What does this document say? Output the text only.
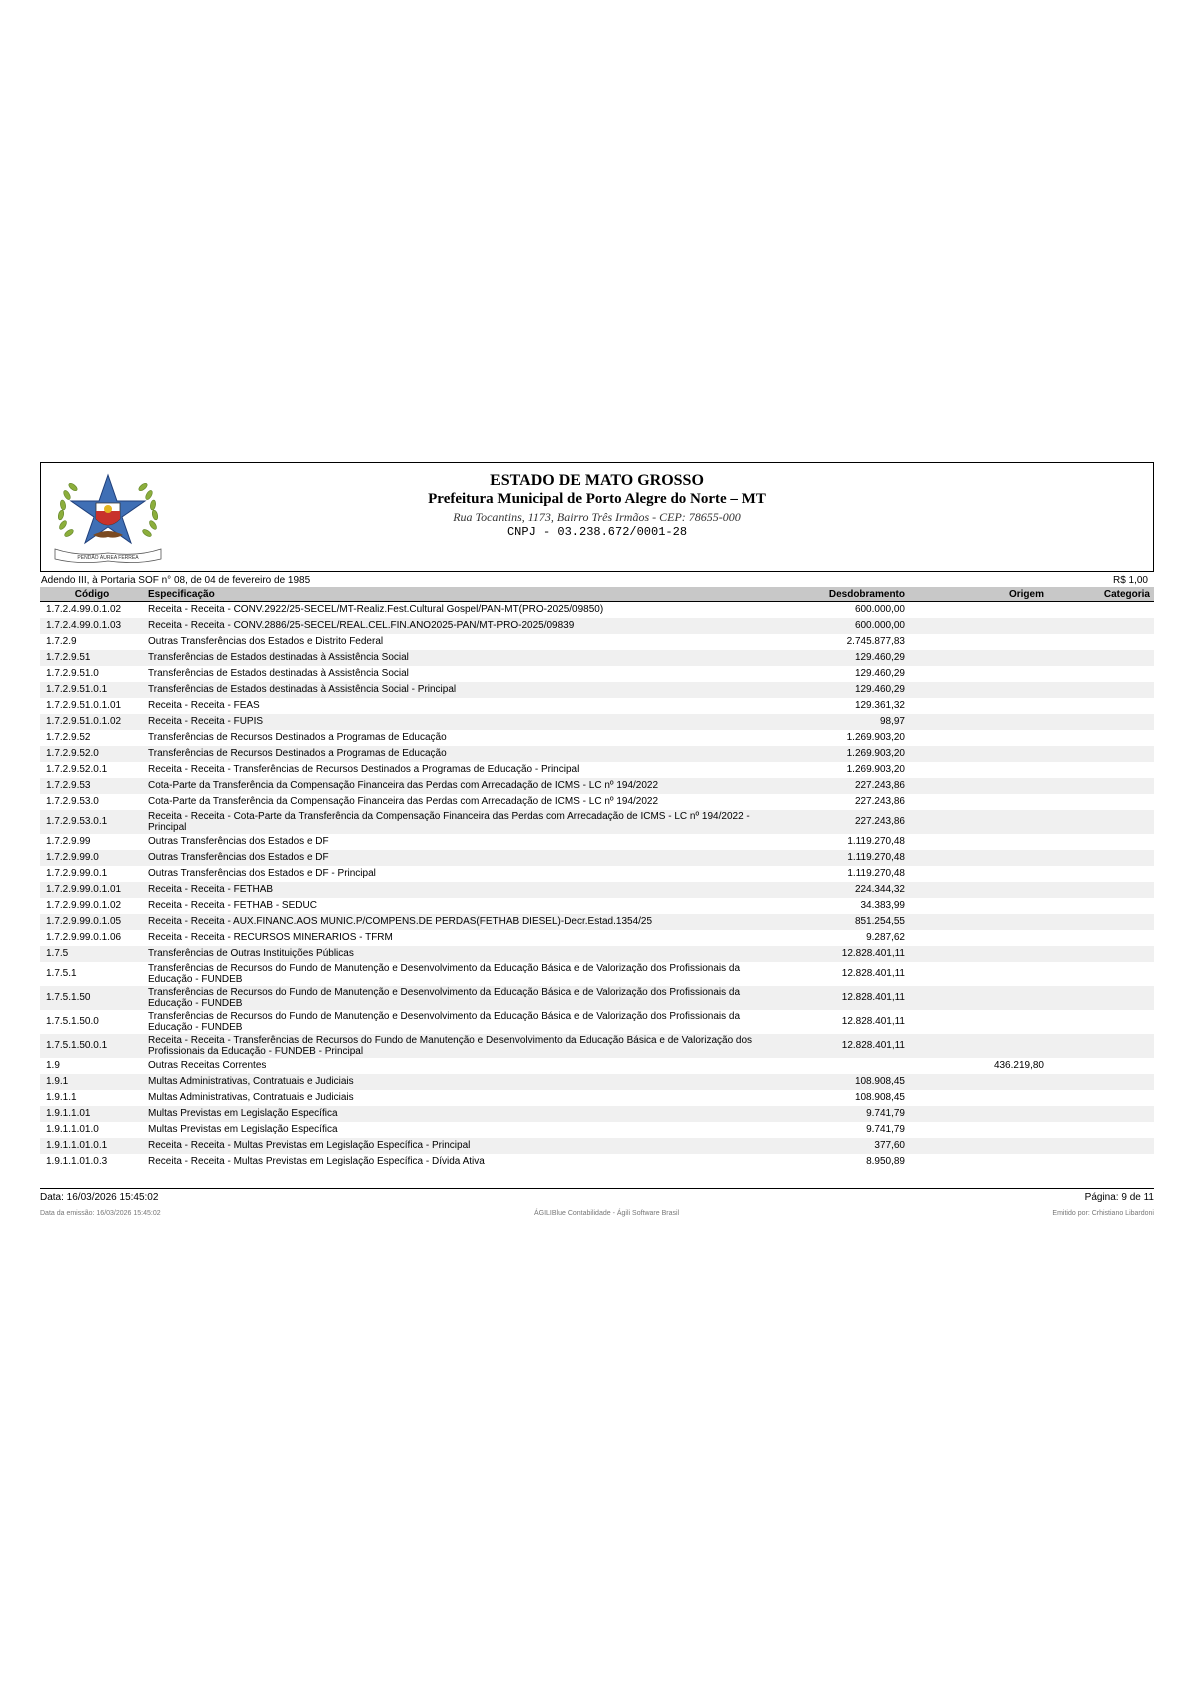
PENDÃO ÁUREA FERREA
ESTADO DE MATO GROSSO
Prefeitura Municipal de Porto Alegre do Norte – MT
Rua Tocantins, 1173, Bairro Três Irmãos - CEP: 78655-000
CNPJ - 03.238.672/0001-28
Adendo III, à Portaria SOF n° 08, de 04 de fevereiro de 1985	R$ 1,00
Código	Especificação	Desdobramento	Origem	Categoria
1.7.2.4.99.0.1.02	Receita - Receita - CONV.2922/25-SECEL/MT-Realiz.Fest.Cultural Gospel/PAN-MT(PRO-2025/09850)	600.000,00		
1.7.2.4.99.0.1.03	Receita - Receita - CONV.2886/25-SECEL/REAL.CEL.FIN.ANO2025-PAN/MT-PRO-2025/09839	600.000,00		
1.7.2.9	Outras Transferências dos Estados e Distrito Federal	2.745.877,83		
1.7.2.9.51	Transferências de Estados destinadas à Assistência Social	129.460,29		
1.7.2.9.51.0	Transferências de Estados destinadas à Assistência Social	129.460,29		
1.7.2.9.51.0.1	Transferências de Estados destinadas à Assistência Social - Principal	129.460,29		
1.7.2.9.51.0.1.01	Receita - Receita - FEAS	129.361,32		
1.7.2.9.51.0.1.02	Receita - Receita - FUPIS	98,97		
1.7.2.9.52	Transferências de Recursos Destinados a Programas de Educação	1.269.903,20		
1.7.2.9.52.0	Transferências de Recursos Destinados a Programas de Educação	1.269.903,20		
1.7.2.9.52.0.1	Receita - Receita - Transferências de Recursos Destinados a Programas de Educação - Principal	1.269.903,20		
1.7.2.9.53	Cota-Parte da Transferência da Compensação Financeira das Perdas com Arrecadação de ICMS - LC nº 194/2022	227.243,86		
1.7.2.9.53.0	Cota-Parte da Transferência da Compensação Financeira das Perdas com Arrecadação de ICMS - LC nº 194/2022	227.243,86		
1.7.2.9.53.0.1	Receita - Receita - Cota-Parte da Transferência da Compensação Financeira das Perdas com Arrecadação de ICMS - LC nº 194/2022 - Principal	227.243,86		
1.7.2.9.99	Outras Transferências dos Estados e DF	1.119.270,48		
1.7.2.9.99.0	Outras Transferências dos Estados e DF	1.119.270,48		
1.7.2.9.99.0.1	Outras Transferências dos Estados e DF - Principal	1.119.270,48		
1.7.2.9.99.0.1.01	Receita - Receita - FETHAB	224.344,32		
1.7.2.9.99.0.1.02	Receita - Receita - FETHAB - SEDUC	34.383,99		
1.7.2.9.99.0.1.05	Receita - Receita - AUX.FINANC.AOS MUNIC.P/COMPENS.DE PERDAS(FETHAB DIESEL)-Decr.Estad.1354/25	851.254,55		
1.7.2.9.99.0.1.06	Receita - Receita - RECURSOS MINERARIOS - TFRM	9.287,62		
1.7.5	Transferências de Outras Instituições Públicas	12.828.401,11		
1.7.5.1	Transferências de Recursos do Fundo de Manutenção e Desenvolvimento da Educação Básica e de Valorização dos Profissionais da Educação - FUNDEB	12.828.401,11		
1.7.5.1.50	Transferências de Recursos do Fundo de Manutenção e Desenvolvimento da Educação Básica e de Valorização dos Profissionais da Educação - FUNDEB	12.828.401,11		
1.7.5.1.50.0	Transferências de Recursos do Fundo de Manutenção e Desenvolvimento da Educação Básica e de Valorização dos Profissionais da Educação - FUNDEB	12.828.401,11		
1.7.5.1.50.0.1	Receita - Receita - Transferências de Recursos do Fundo de Manutenção e Desenvolvimento da Educação Básica e de Valorização dos Profissionais da Educação - FUNDEB - Principal	12.828.401,11		
1.9	Outras Receitas Correntes		436.219,80	
1.9.1	Multas Administrativas, Contratuais e Judiciais	108.908,45		
1.9.1.1	Multas Administrativas, Contratuais e Judiciais	108.908,45		
1.9.1.1.01	Multas Previstas em Legislação Específica	9.741,79		
1.9.1.1.01.0	Multas Previstas em Legislação Específica	9.741,79		
1.9.1.1.01.0.1	Receita - Receita - Multas Previstas em Legislação Específica - Principal	377,60		
1.9.1.1.01.0.3	Receita - Receita - Multas Previstas em Legislação Específica - Dívida Ativa	8.950,89		
Data: 16/03/2026 15:45:02	Página: 9 de 11
Data da emissão: 16/03/2026 15:45:02	ÁGILIBlue Contabilidade - Ágili Software Brasil	Emitido por: Crhistiano Libardoni
